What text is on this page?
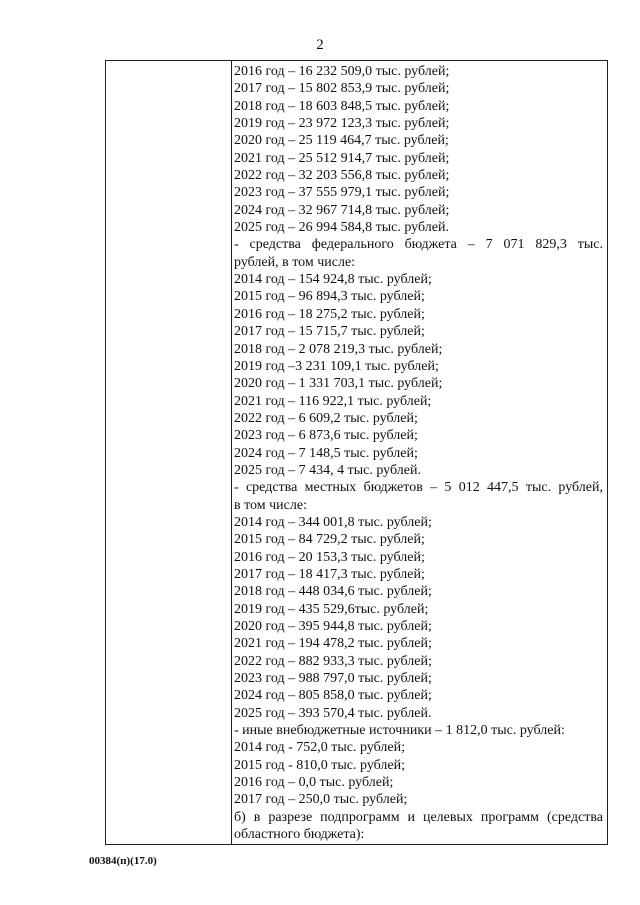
2
2016 год – 16 232 509,0 тыс. рублей;
2017 год – 15 802 853,9 тыс. рублей;
2018 год – 18 603 848,5 тыс. рублей;
2019 год – 23 972 123,3 тыс. рублей;
2020 год – 25 119 464,7 тыс. рублей;
2021 год – 25 512 914,7 тыс. рублей;
2022 год – 32 203 556,8 тыс. рублей;
2023 год – 37 555 979,1 тыс. рублей;
2024 год – 32 967 714,8 тыс. рублей;
2025 год – 26 994 584,8 тыс. рублей.
- средства федерального бюджета – 7 071 829,3 тыс.
рублей, в том числе:
2014 год – 154 924,8 тыс. рублей;
2015 год – 96 894,3 тыс. рублей;
2016 год – 18 275,2 тыс. рублей;
2017 год – 15 715,7 тыс. рублей;
2018 год – 2 078 219,3 тыс. рублей;
2019 год –3 231 109,1 тыс. рублей;
2020 год – 1 331 703,1 тыс. рублей;
2021 год – 116 922,1 тыс. рублей;
2022 год – 6 609,2 тыс. рублей;
2023 год – 6 873,6 тыс. рублей;
2024 год – 7 148,5 тыс. рублей;
2025 год – 7 434, 4 тыс. рублей.
- средства местных бюджетов – 5 012 447,5 тыс. рублей,
в том числе:
2014 год – 344 001,8 тыс. рублей;
2015 год – 84 729,2 тыс. рублей;
2016 год – 20 153,3 тыс. рублей;
2017 год – 18 417,3 тыс. рублей;
2018 год – 448 034,6 тыс. рублей;
2019 год – 435 529,6тыс. рублей;
2020 год – 395 944,8 тыс. рублей;
2021 год – 194 478,2 тыс. рублей;
2022 год – 882 933,3 тыс. рублей;
2023 год – 988 797,0 тыс. рублей;
2024 год – 805 858,0 тыс. рублей;
2025 год – 393 570,4 тыс. рублей.
- иные внебюджетные источники – 1 812,0 тыс. рублей:
2014 год - 752,0 тыс. рублей;
2015 год - 810,0 тыс. рублей;
2016 год – 0,0 тыс. рублей;
2017 год – 250,0 тыс. рублей;
б) в разрезе подпрограмм и целевых программ (средства
областного бюджета):
00384(п)(17.0)
